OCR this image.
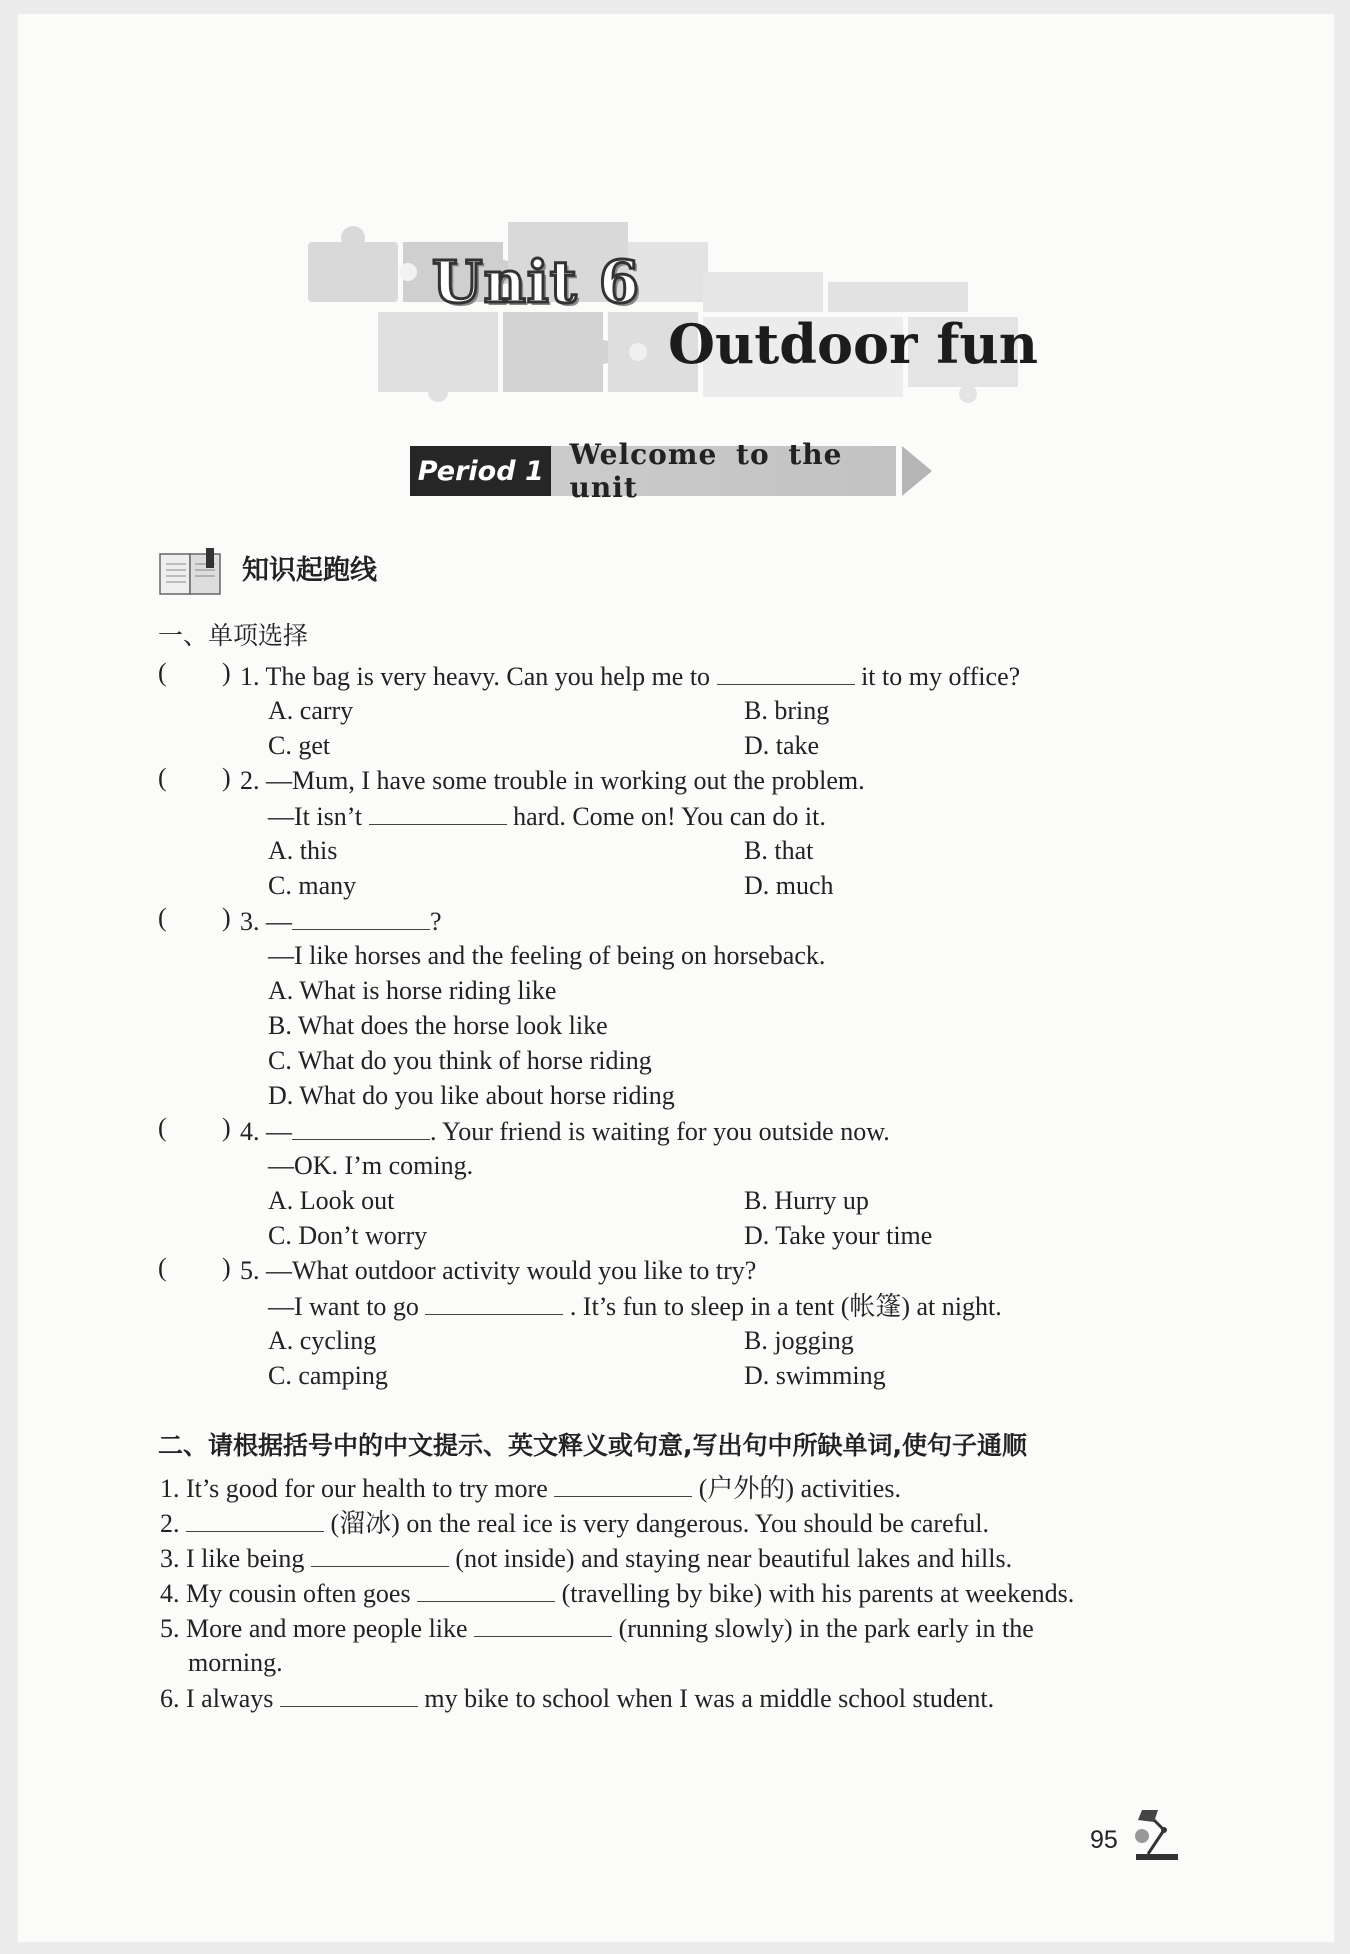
Unit 6
Outdoor fun
Period 1 Welcome to the unit
知识起跑线
一、单项选择
( ) 1. The bag is very heavy. Can you help me to	it to my office?
A. carry	B. bring
C. get	D. take
( ) 2. —Mum, I have some trouble in working out the problem.
—It isn’t	hard. Come on! You can do it.
A. this	B. that
C. many	D. much
( ) 3. —	?
—I like horses and the feeling of being on horseback.
A. What is horse riding like
B. What does the horse look like
C. What do you think of horse riding
D. What do you like about horse riding
( ) 4. —	. Your friend is waiting for you outside now.
—OK. I’m coming.
A. Look out	B. Hurry up
C. Don’t worry	D. Take your time
( ) 5. —What outdoor activity would you like to try?
—I want to go	. It’s fun to sleep in a tent (帐篷) at night.
A. cycling	B. jogging
C. camping	D. swimming
二、请根据括号中的中文提示、英文释义或句意,写出句中所缺单词,使句子通顺
1. It’s good for our health to try more	(户外的) activities.
2.	(溜冰) on the real ice is very dangerous. You should be careful.
3. I like being	(not inside) and staying near beautiful lakes and hills.
4. My cousin often goes	(travelling by bike) with his parents at weekends.
5. More and more people like	(running slowly) in the park early in the
morning.
6. I always	my bike to school when I was a middle school student.
95
